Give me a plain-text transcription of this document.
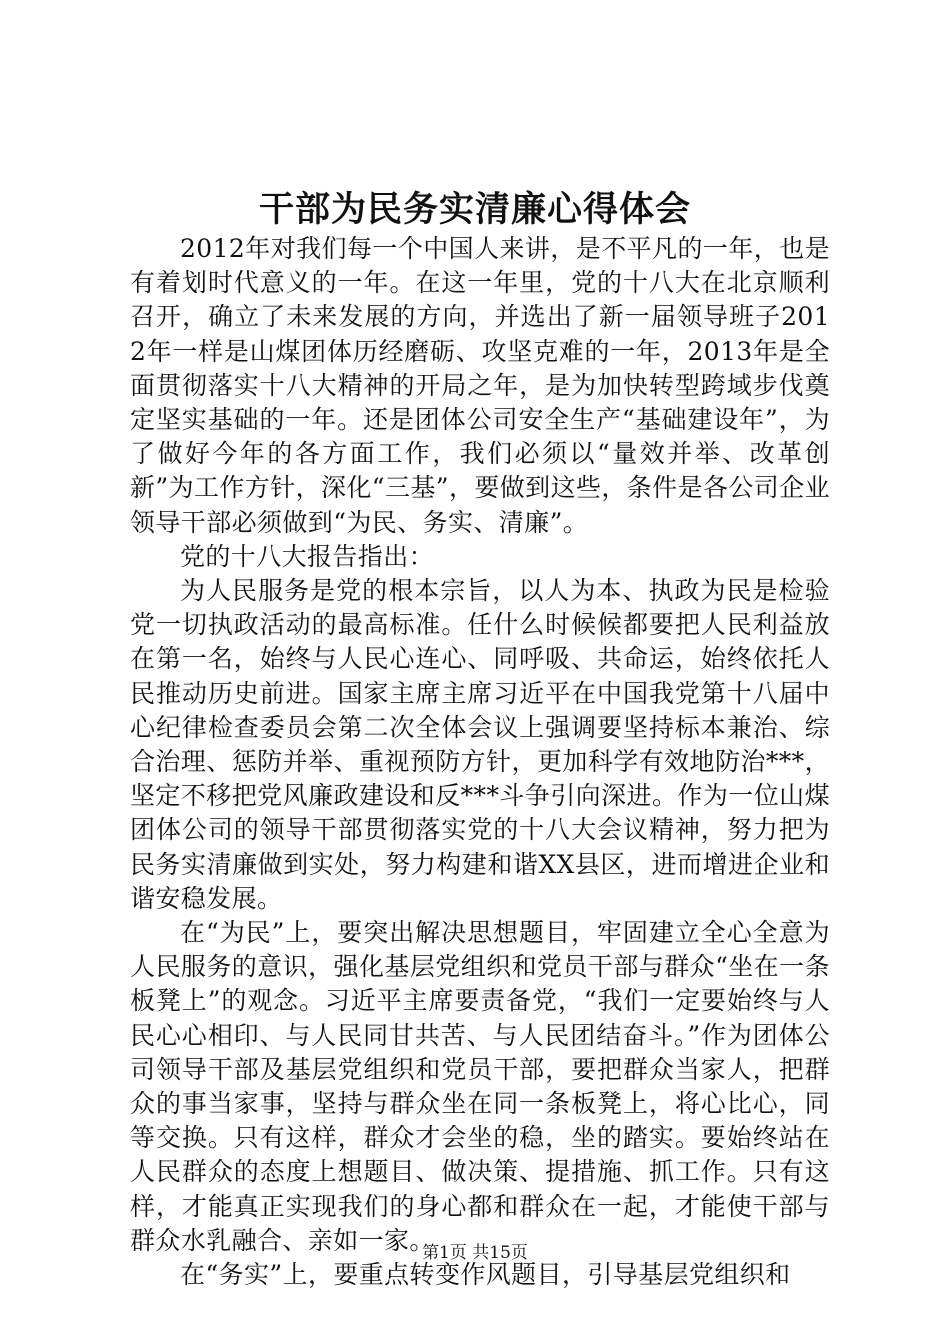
干部为民务实清廉心得体会

2012年对我们每一个中国人来讲，是不平凡的一年，也是有着划时代意义的一年。在这一年里，党的十八大在北京顺利召开，确立了未来发展的方向，并选出了新一届领导班子2012年一样是山煤团体历经磨砺、攻坚克难的一年，2013年是全面贯彻落实十八大精神的开局之年，是为加快转型跨域步伐奠定坚实基础的一年。还是团体公司安全生产“基础建设年”，为了做好今年的各方面工作，我们必须以“量效并举、改革创新”为工作方针，深化“三基”，要做到这些，条件是各公司企业领导干部必须做到“为民、务实、清廉”。

党的十八大报告指出：

为人民服务是党的根本宗旨，以人为本、执政为民是检验党一切执政活动的最高标准。任什么时候候都要把人民利益放在第一名，始终与人民心连心、同呼吸、共命运，始终依托人民推动历史前进。国家主席主席习近平在中国我党第十八届中心纪律检查委员会第二次全体会议上强调要坚持标本兼治、综合治理、惩防并举、重视预防方针，更加科学有效地防治***，坚定不移把党风廉政建设和反***斗争引向深进。作为一位山煤团体公司的领导干部贯彻落实党的十八大会议精神，努力把为民务实清廉做到实处，努力构建和谐XX县区，进而增进企业和谐安稳发展。

在“为民”上，要突出解决思想题目，牢固建立全心全意为人民服务的意识，强化基层党组织和党员干部与群众“坐在一条板凳上”的观念。习近平主席要责备党，“我们一定要始终与人民心心相印、与人民同甘共苦、与人民团结奋斗。”作为团体公司领导干部及基层党组织和党员干部，要把群众当家人，把群众的事当家事，坚持与群众坐在同一条板凳上，将心比心，同等交换。只有这样，群众才会坐的稳，坐的踏实。要始终站在人民群众的态度上想题目、做决策、提措施、抓工作。只有这样，才能真正实现我们的身心都和群众在一起，才能使干部与群众水乳融合、亲如一家。

在“务实”上，要重点转变作风题目，引导基层党组织和

第1页 共15页
